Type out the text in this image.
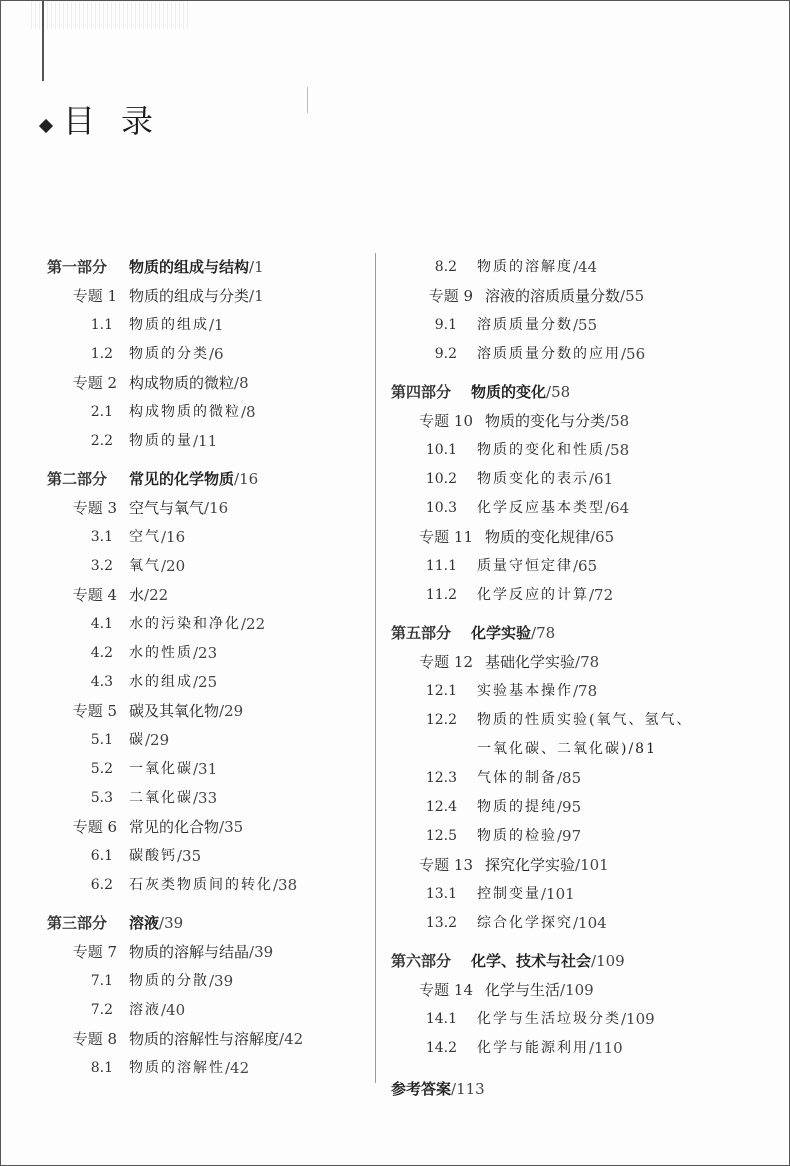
目录
第一部分	物质的组成与结构 /1
专题 1 物质的组成与分类 /1
1.1 物质的组成 /1
1.2 物质的分类 /6
专题 2 构成物质的微粒 /8
2.1 构成物质的微粒 /8
2.2 物质的量 /11
第二部分	常见的化学物质 /16
专题 3 空气与氧气 /16
3.1 空气 /16
3.2 氧气 /20
专题 4 水 /22
4.1 水的污染和净化 /22
4.2 水的性质 /23
4.3 水的组成 /25
专题 5 碳及其氧化物 /29
5.1 碳 /29
5.2 一氧化碳 /31
5.3 二氧化碳 /33
专题 6 常见的化合物 /35
6.1 碳酸钙 /35
6.2 石灰类物质间的转化 /38
第三部分	溶液 /39
专题 7 物质的溶解与结晶 /39
7.1 物质的分散 /39
7.2 溶液 /40
专题 8 物质的溶解性与溶解度 /42
8.1 物质的溶解性 /42
8.2 物质的溶解度 /44
专题 9 溶液的溶质质量分数 /55
9.1 溶质质量分数 /55
9.2 溶质质量分数的应用 /56
第四部分	物质的变化 /58
专题 10 物质的变化与分类 /58
10.1 物质的变化和性质 /58
10.2 物质变化的表示 /61
10.3 化学反应基本类型 /64
专题 11 物质的变化规律 /65
11.1 质量守恒定律 /65
11.2 化学反应的计算 /72
第五部分	化学实验 /78
专题 12 基础化学实验 /78
12.1 实验基本操作 /78
12.2 物质的性质实验(氧气、氢气、
一氧化碳、二氧化碳)/81
12.3 气体的制备 /85
12.4 物质的提纯 /95
12.5 物质的检验 /97
专题 13 探究化学实验 /101
13.1 控制变量 /101
13.2 综合化学探究 /104
第六部分	化学、技术与社会 /109
专题 14 化学与生活 /109
14.1 化学与生活垃圾分类 /109
14.2 化学与能源利用 /110
参考答案 /113
